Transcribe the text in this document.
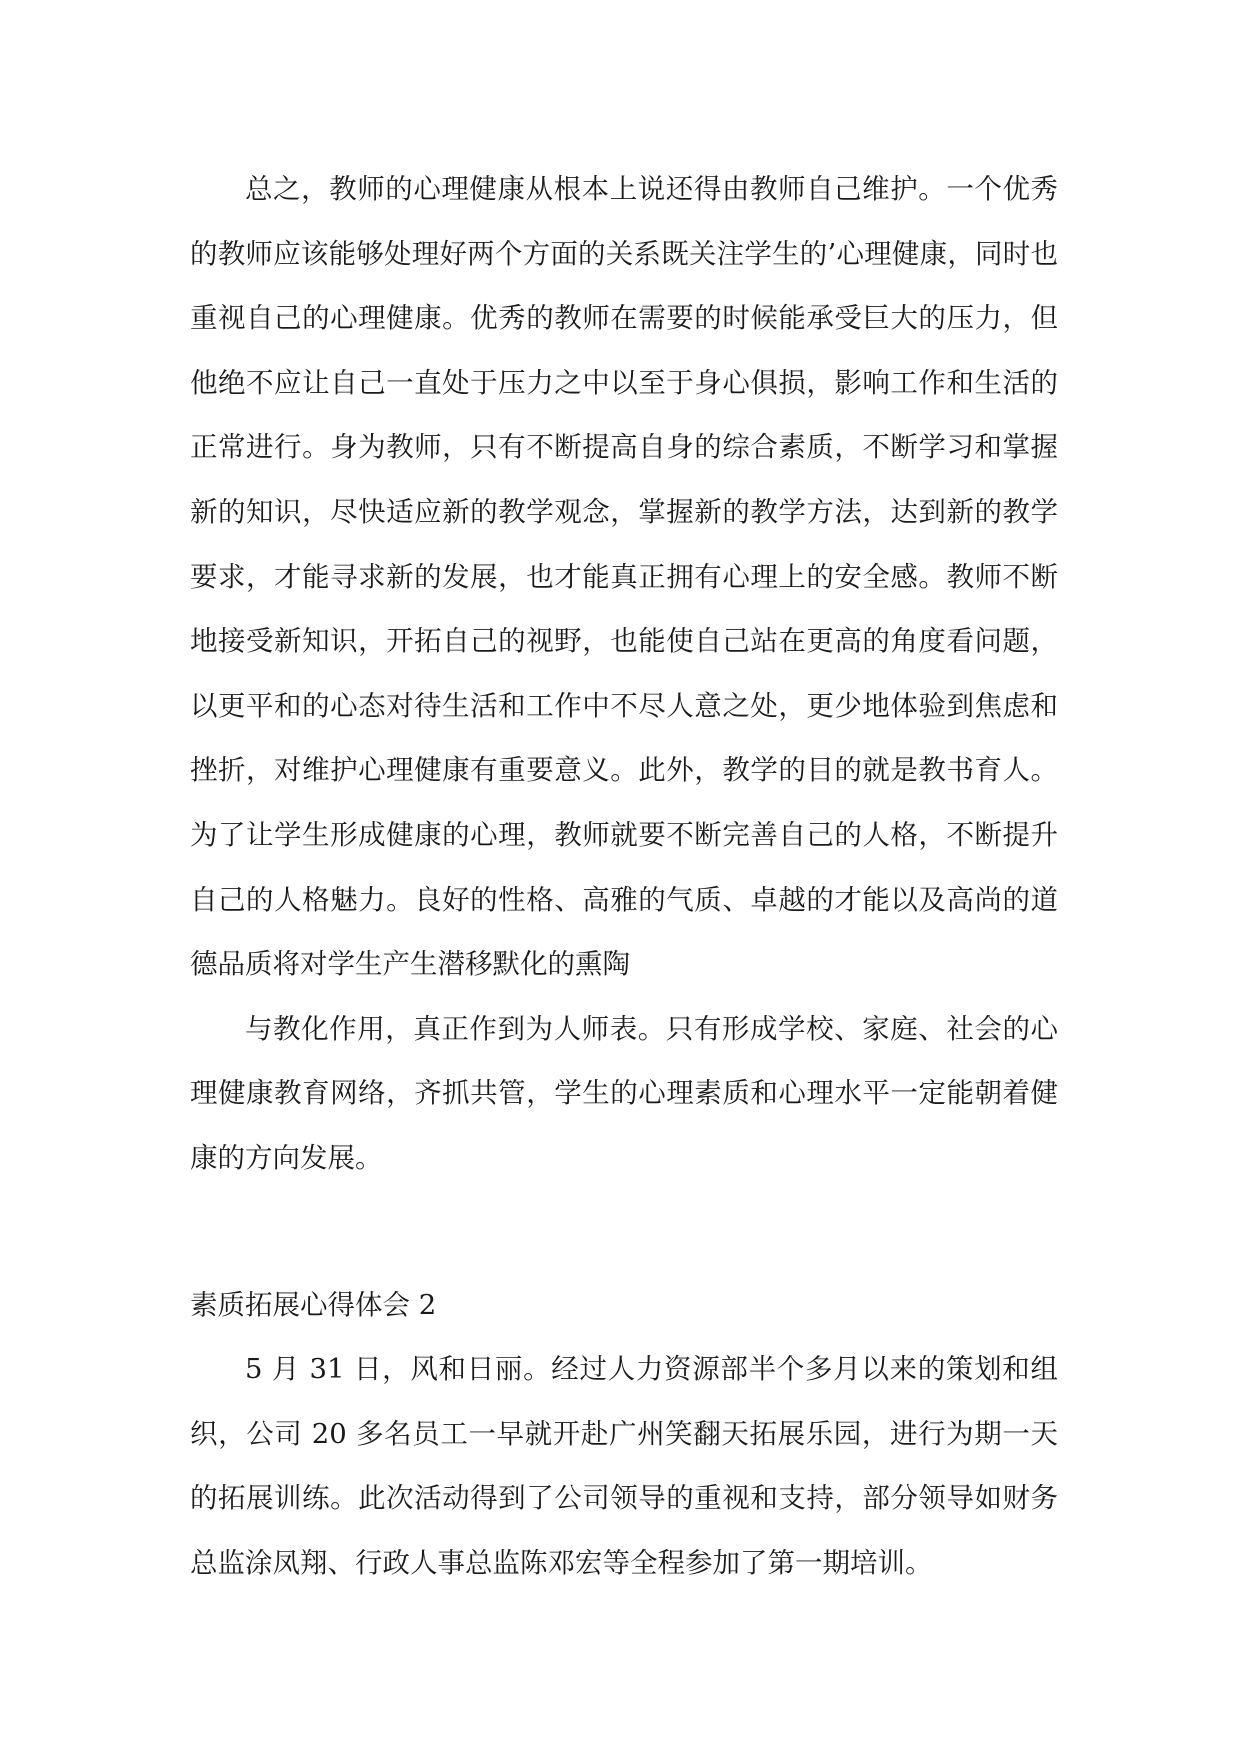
总之，教师的心理健康从根本上说还得由教师自己维护。一个优秀的教师应该能够处理好两个方面的关系既关注学生的’心理健康，同时也重视自己的心理健康。优秀的教师在需要的时候能承受巨大的压力，但他绝不应让自己一直处于压力之中以至于身心俱损，影响工作和生活的正常进行。身为教师，只有不断提高自身的综合素质，不断学习和掌握新的知识，尽快适应新的教学观念，掌握新的教学方法，达到新的教学要求，才能寻求新的发展，也才能真正拥有心理上的安全感。教师不断地接受新知识，开拓自己的视野，也能使自己站在更高的角度看问题，以更平和的心态对待生活和工作中不尽人意之处，更少地体验到焦虑和挫折，对维护心理健康有重要意义。此外，教学的目的就是教书育人。为了让学生形成健康的心理，教师就要不断完善自己的人格，不断提升自己的人格魅力。良好的性格、高雅的气质、卓越的才能以及高尚的道德品质将对学生产生潜移默化的熏陶

与教化作用，真正作到为人师表。只有形成学校、家庭、社会的心理健康教育网络，齐抓共管，学生的心理素质和心理水平一定能朝着健康的方向发展。

素质拓展心得体会 2

5 月 31 日，风和日丽。经过人力资源部半个多月以来的策划和组织，公司 20 多名员工一早就开赴广州笑翻天拓展乐园，进行为期一天的拓展训练。此次活动得到了公司领导的重视和支持，部分领导如财务总监涂凤翔、行政人事总监陈邓宏等全程参加了第一期培训。
